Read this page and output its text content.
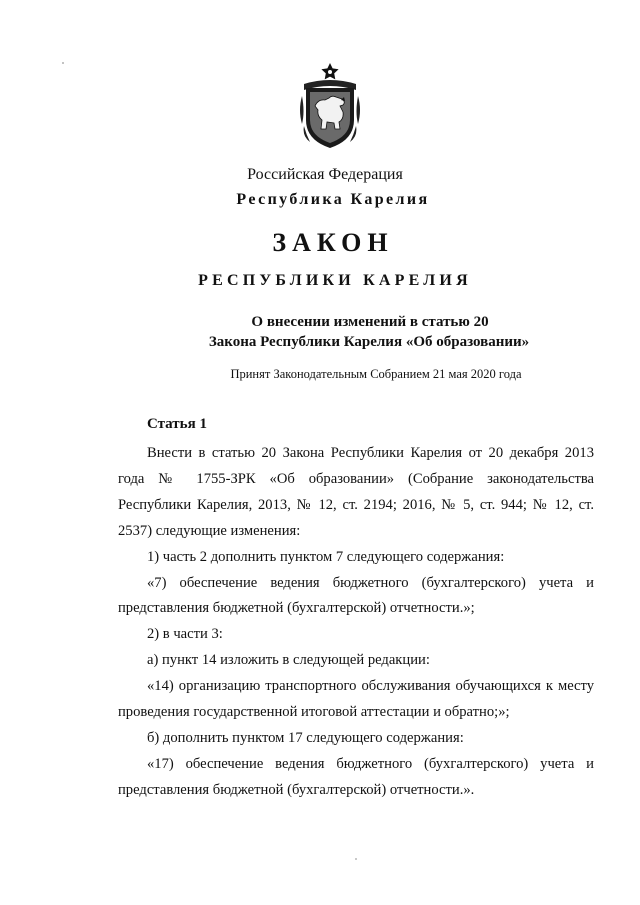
Российская Федерация
Республика Карелия
ЗАКОН
РЕСПУБЛИКИ КАРЕЛИЯ
О внесении изменений в статью 20
Закона Республики Карелия «Об образовании»
Принят Законодательным Собранием 21 мая 2020 года
Статья 1

Внести в статью 20 Закона Республики Карелия от 20 декабря 2013 года № 1755-ЗРК «Об образовании» (Собрание законодательства Республики Карелия, 2013, № 12, ст. 2194; 2016, № 5, ст. 944; № 12, ст. 2537) следующие изменения:

1) часть 2 дополнить пунктом 7 следующего содержания:

«7) обеспечение ведения бюджетного (бухгалтерского) учета и представления бюджетной (бухгалтерской) отчетности.»;

2) в части 3:

а) пункт 14 изложить в следующей редакции:

«14) организацию транспортного обслуживания обучающихся к месту проведения государственной итоговой аттестации и обратно;»;

б) дополнить пунктом 17 следующего содержания:

«17) обеспечение ведения бюджетного (бухгалтерского) учета и представления бюджетной (бухгалтерской) отчетности.».
